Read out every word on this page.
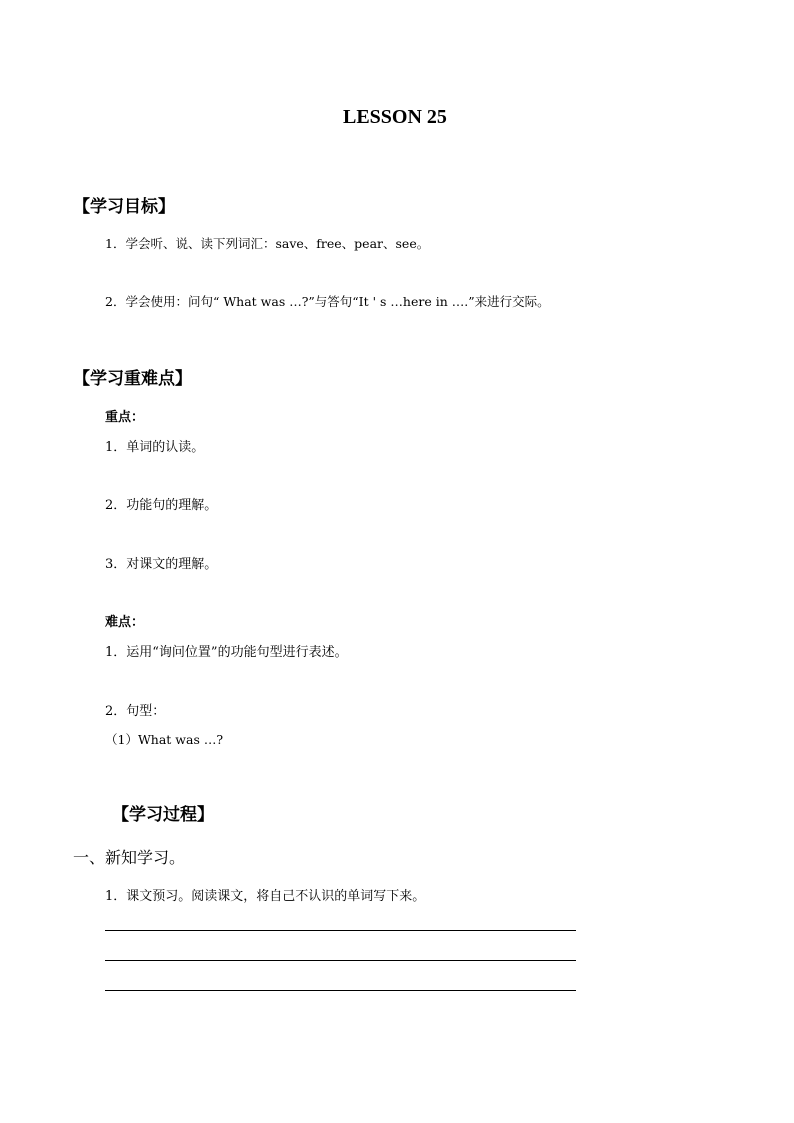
LESSON 25
【学习目标】
1．学会听、说、读下列词汇：save、free、pear、see。
2．学会使用：问句“ What was …?”与答句“It ' s …here in ….”来进行交际。
【学习重难点】
重点：
1．单词的认读。
2．功能句的理解。
3．对课文的理解。
难点：
1．运用“询问位置”的功能句型进行表述。
2．句型：
（1）What was …?
【学习过程】
一、新知学习。
1．课文预习。阅读课文，将自己不认识的单词写下来。
